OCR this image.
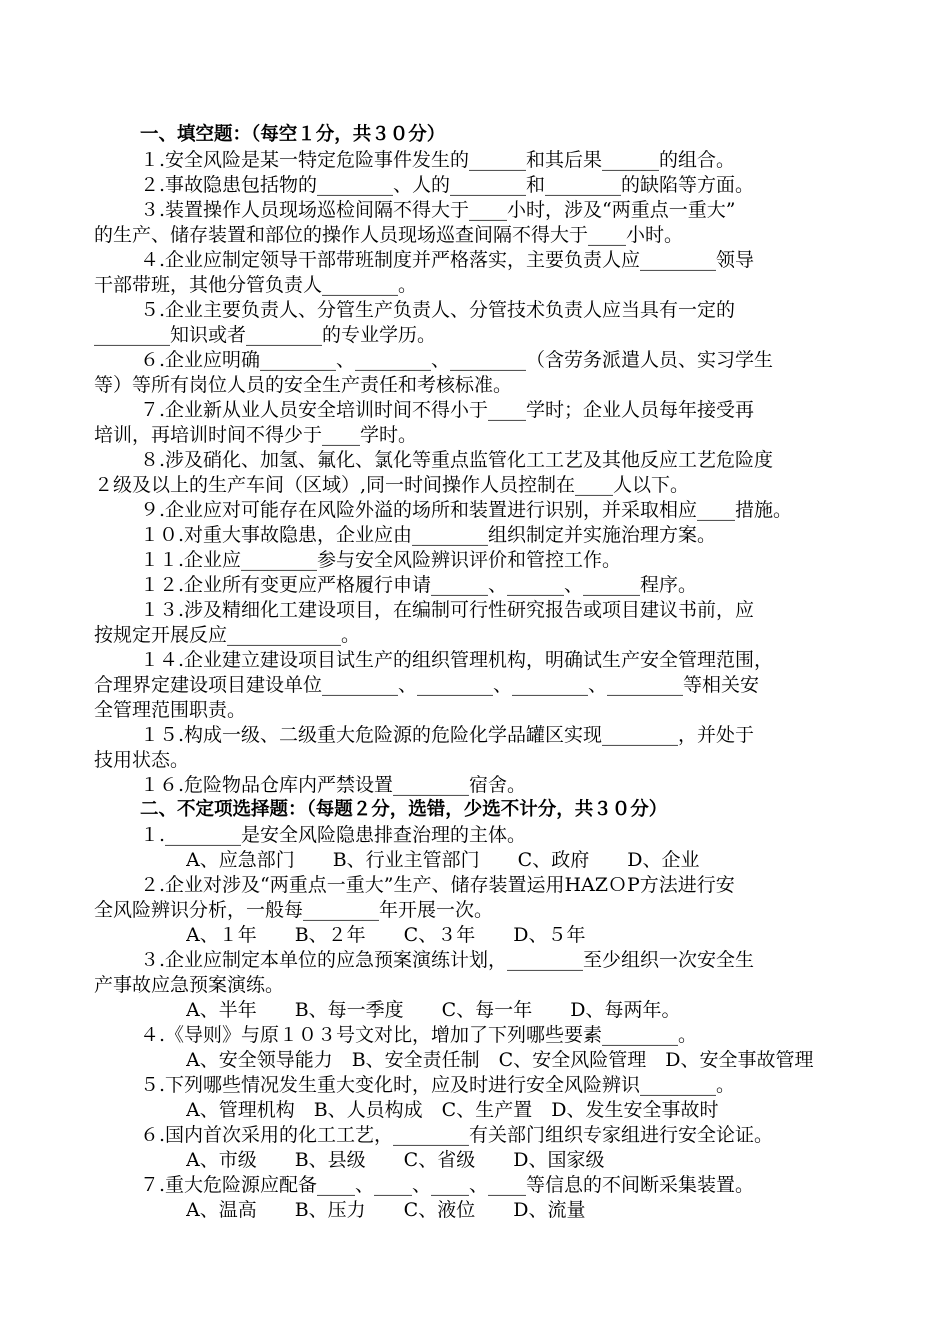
一、填空题：（每空１分，共３０分）
１.安全风险是某一特定危险事件发生的______和其后果______的组合。
２.事故隐患包括物的________、人的________和________的缺陷等方面。
３.装置操作人员现场巡检间隔不得大于____小时，涉及“两重点一重大”
的生产、储存装置和部位的操作人员现场巡查间隔不得大于____小时。
４.企业应制定领导干部带班制度并严格落实，主要负责人应________领导
干部带班，其他分管负责人________。
５.企业主要负责人、分管生产负责人、分管技术负责人应当具有一定的
________知识或者________的专业学历。
６.企业应明确________、________、________（含劳务派遣人员、实习学生
等）等所有岗位人员的安全生产责任和考核标准。
７.企业新从业人员安全培训时间不得小于____学时；企业人员每年接受再
培训，再培训时间不得少于____学时。
８.涉及硝化、加氢、氟化、氯化等重点监管化工工艺及其他反应工艺危险度
２级及以上的生产车间（区域）,同一时间操作人员控制在____人以下。
９.企业应对可能存在风险外溢的场所和装置进行识别，并采取相应____措施。
１０.对重大事故隐患，企业应由________组织制定并实施治理方案。
１１.企业应________参与安全风险辨识评价和管控工作。
１２.企业所有变更应严格履行申请______、______、______程序。
１３.涉及精细化工建设项目，在编制可行性研究报告或项目建议书前，应
按规定开展反应____________。
１４.企业建立建设项目试生产的组织管理机构，明确试生产安全管理范围，
合理界定建设项目建设单位________、________、________、________等相关安
全管理范围职责。
１５.构成一级、二级重大危险源的危险化学品罐区实现________，并处于
技用状态。
１６.危险物品仓库内严禁设置________宿舍。
二、不定项选择题：（每题２分，选错，少选不计分，共３０分）
１.________是安全风险隐患排查治理的主体。
A、应急部门　　B、行业主管部门　　C、政府　　D、企业
２.企业对涉及“两重点一重大”生产、储存装置运用HAZＯP方法进行安
全风险辨识分析，一般每________年开展一次。
A、１年　　B、２年　　C、３年　　D、５年
３.企业应制定本单位的应急预案演练计划，________至少组织一次安全生
产事故应急预案演练。
A、半年　　B、每一季度　　C、每一年　　D、每两年。
４.《导则》与原１０３号文对比，增加了下列哪些要素________。
A、安全领导能力　B、安全责任制　C、安全风险管理　D、安全事故管理
５.下列哪些情况发生重大变化时，应及时进行安全风险辨识________。
A、管理机构　B、人员构成　C、生产置　D、发生安全事故时
６.国内首次采用的化工工艺，________有关部门组织专家组进行安全论证。
A、市级　　B、县级　　C、省级　　D、国家级
７.重大危险源应配备____、____、____、____等信息的不间断采集装置。
A、温高　　B、压力　　C、液位　　D、流量
